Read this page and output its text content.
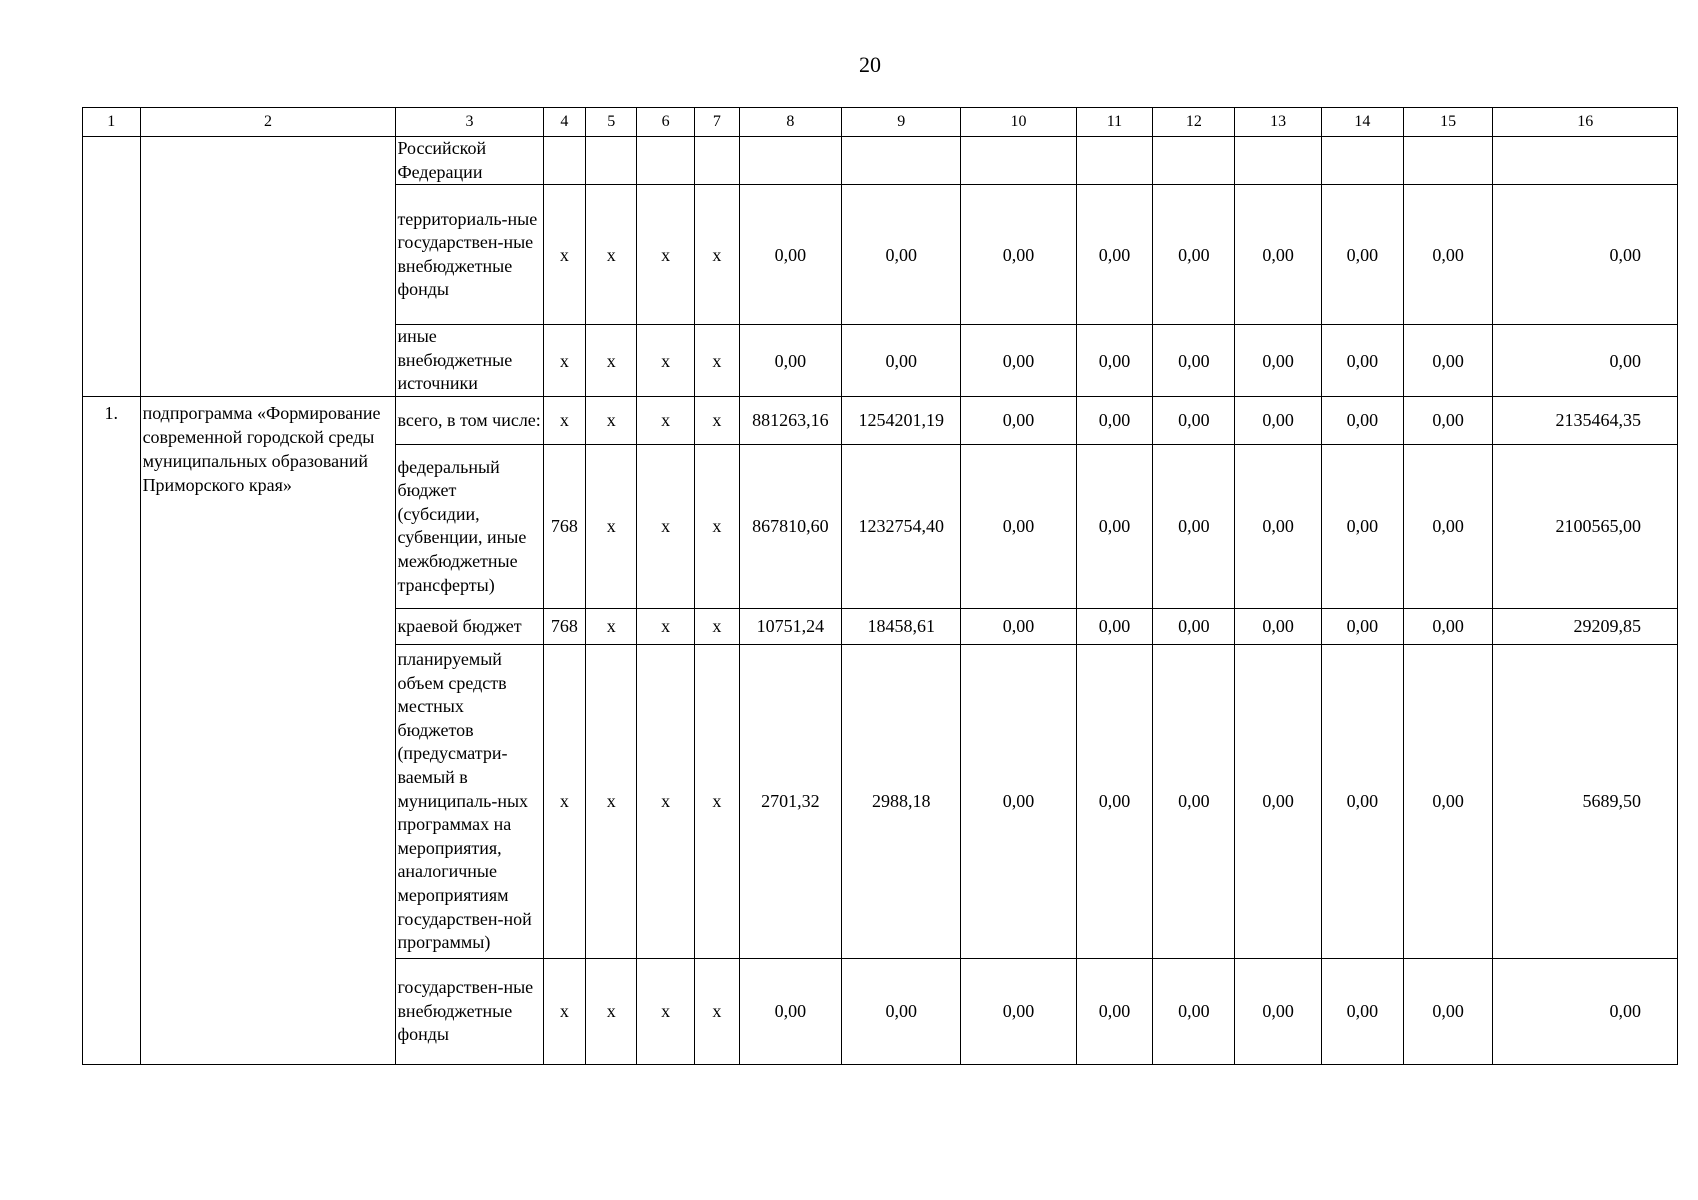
20
1	2	3	4	5	6	7	8	9	10	11	12	13	14	15	16
		Российской Федерации													
		территориаль-ные государствен-ные внебюджетные фонды	x	x	x	x	0,00	0,00	0,00	0,00	0,00	0,00	0,00	0,00	0,00
		иные внебюджетные источники	x	x	x	x	0,00	0,00	0,00	0,00	0,00	0,00	0,00	0,00	0,00
1.	подпрограмма «Формирование современной городской среды муниципальных образований Приморского края»	всего, в том числе:	x	x	x	x	881263,16	1254201,19	0,00	0,00	0,00	0,00	0,00	0,00	2135464,35
		федеральный бюджет (субсидии, субвенции, иные межбюджетные трансферты)	768	x	x	x	867810,60	1232754,40	0,00	0,00	0,00	0,00	0,00	0,00	2100565,00
		краевой бюджет	768	x	x	x	10751,24	18458,61	0,00	0,00	0,00	0,00	0,00	0,00	29209,85
		планируемый объем средств местных бюджетов (предусматри-ваемый в муниципаль-ных программах на мероприятия, аналогичные мероприятиям государствен-ной программы)	x	x	x	x	2701,32	2988,18	0,00	0,00	0,00	0,00	0,00	0,00	5689,50
		государствен-ные внебюджетные фонды	x	x	x	x	0,00	0,00	0,00	0,00	0,00	0,00	0,00	0,00	0,00
